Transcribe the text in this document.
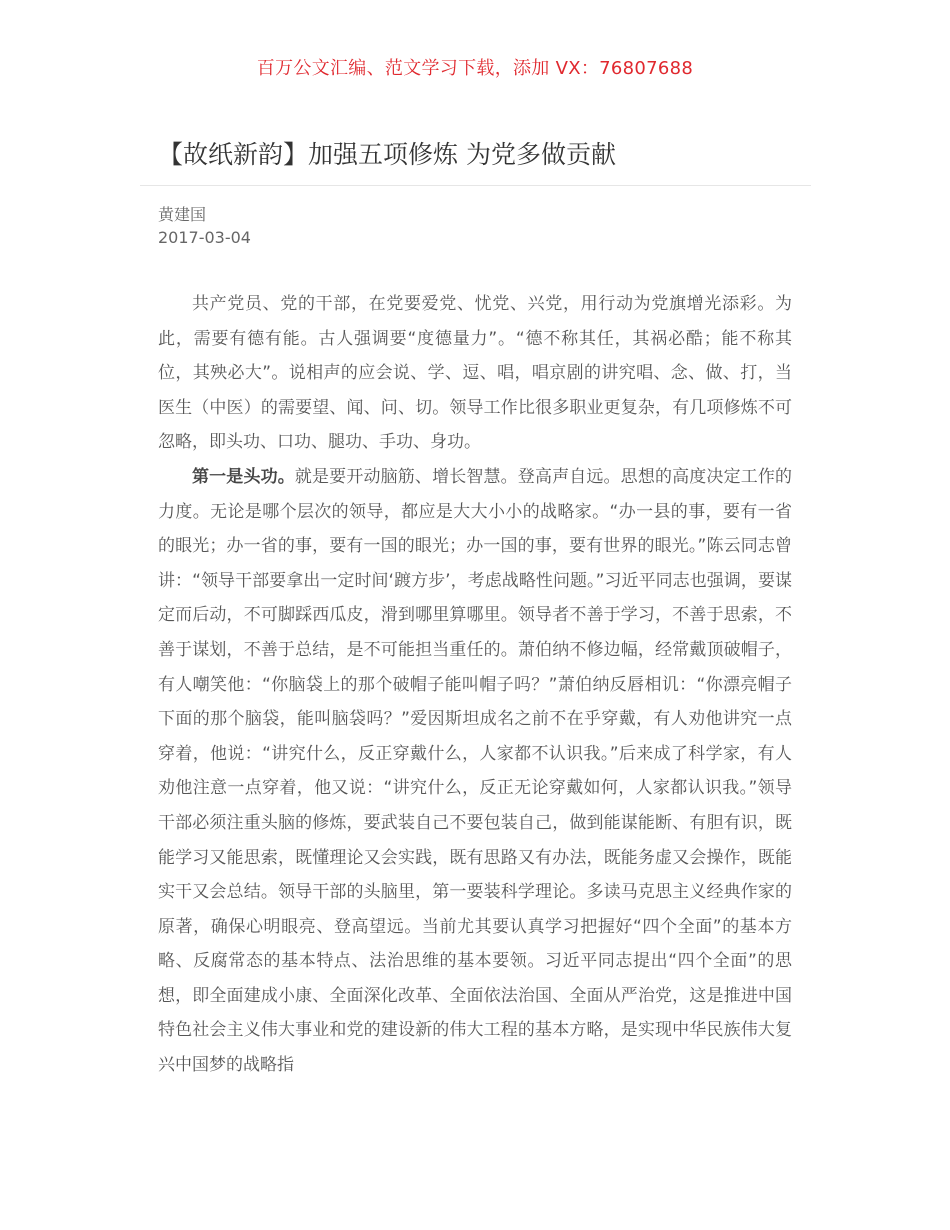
百万公文汇编、范文学习下载，添加 VX：76807688
【故纸新韵】加强五项修炼 为党多做贡献
黄建国
2017-03-04

共产党员、党的干部，在党要爱党、忧党、兴党，用行动为党旗增光添彩。为此，需要有德有能。古人强调要“度德量力”。“德不称其任，其祸必酷；能不称其位，其殃必大”。说相声的应会说、学、逗、唱，唱京剧的讲究唱、念、做、打，当医生（中医）的需要望、闻、问、切。领导工作比很多职业更复杂，有几项修炼不可忽略，即头功、口功、腿功、手功、身功。

第一是头功。就是要开动脑筋、增长智慧。登高声自远。思想的高度决定工作的力度。无论是哪个层次的领导，都应是大大小小的战略家。“办一县的事，要有一省的眼光；办一省的事，要有一国的眼光；办一国的事，要有世界的眼光。”陈云同志曾讲：“领导干部要拿出一定时间‘踱方步’，考虑战略性问题。”习近平同志也强调，要谋定而后动，不可脚踩西瓜皮，滑到哪里算哪里。领导者不善于学习，不善于思索，不善于谋划，不善于总结，是不可能担当重任的。萧伯纳不修边幅，经常戴顶破帽子，有人嘲笑他：“你脑袋上的那个破帽子能叫帽子吗？”萧伯纳反唇相讥：“你漂亮帽子下面的那个脑袋，能叫脑袋吗？”爱因斯坦成名之前不在乎穿戴，有人劝他讲究一点穿着，他说：“讲究什么，反正穿戴什么，人家都不认识我。”后来成了科学家，有人劝他注意一点穿着，他又说：“讲究什么，反正无论穿戴如何，人家都认识我。”领导干部必须注重头脑的修炼，要武装自己不要包装自己，做到能谋能断、有胆有识，既能学习又能思索，既懂理论又会实践，既有思路又有办法，既能务虚又会操作，既能实干又会总结。领导干部的头脑里，第一要装科学理论。多读马克思主义经典作家的原著，确保心明眼亮、登高望远。当前尤其要认真学习把握好“四个全面”的基本方略、反腐常态的基本特点、法治思维的基本要领。习近平同志提出“四个全面”的思想，即全面建成小康、全面深化改革、全面依法治国、全面从严治党，这是推进中国特色社会主义伟大事业和党的建设新的伟大工程的基本方略，是实现中华民族伟大复兴中国梦的战略指
